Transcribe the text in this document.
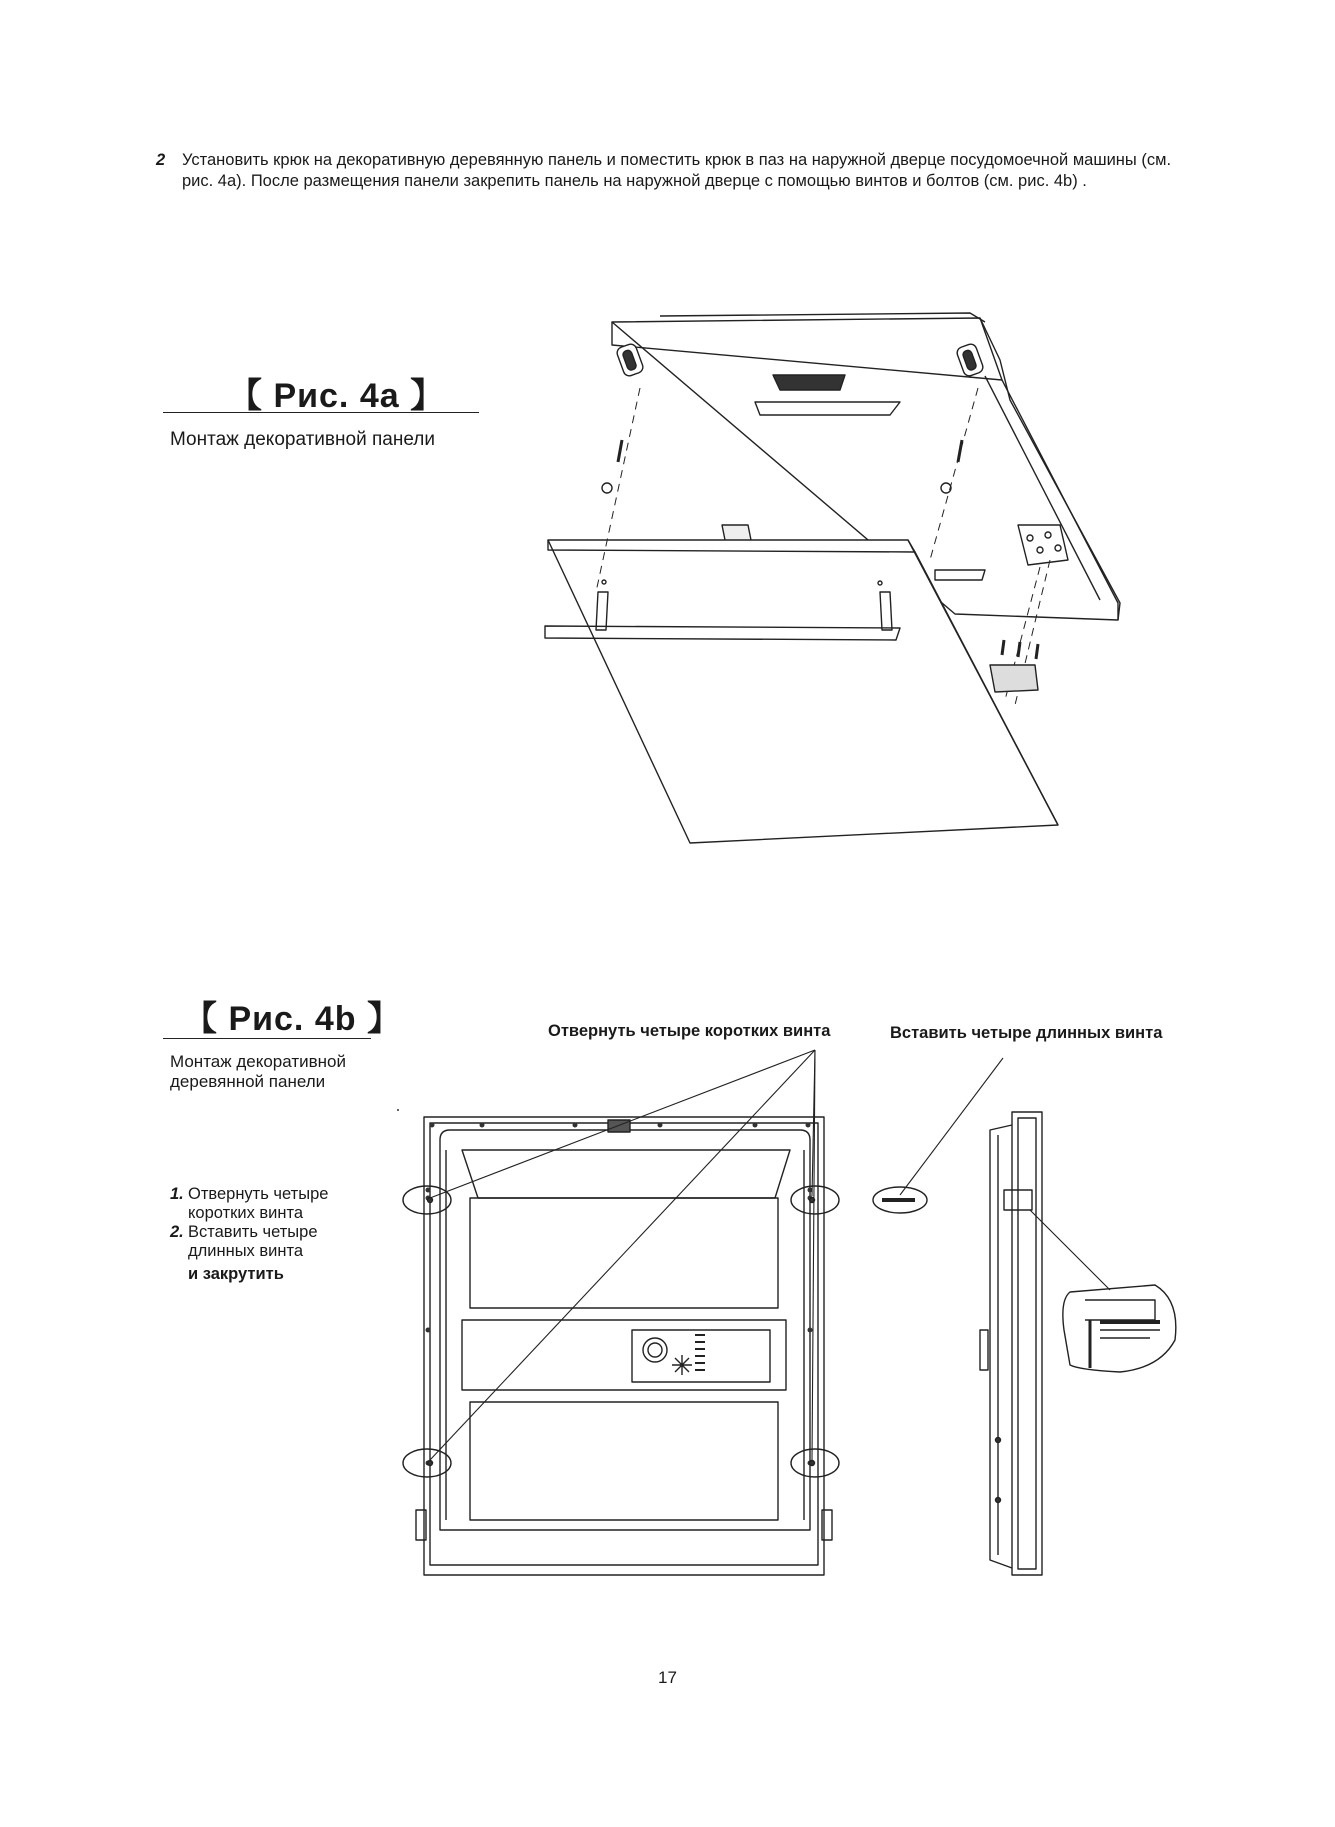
2 Установить крюк на декоративную деревянную панель и поместить крюк в паз на наружной дверце посудомоечной машины (см. рис. 4а). После размещения панели закрепить панель на наружной дверце с помощью винтов и болтов (см. рис. 4b) .
【 Рис. 4а 】
Монтаж декоративной панели
【 Рис. 4b 】
Монтаж декоративной
деревянной панели
Отвернуть четыре коротких винта	Вставить четыре длинных винта
1. Отвернуть четыре
коротких винта
2. Вставить четыре
длинных винта
и закрутить
17
